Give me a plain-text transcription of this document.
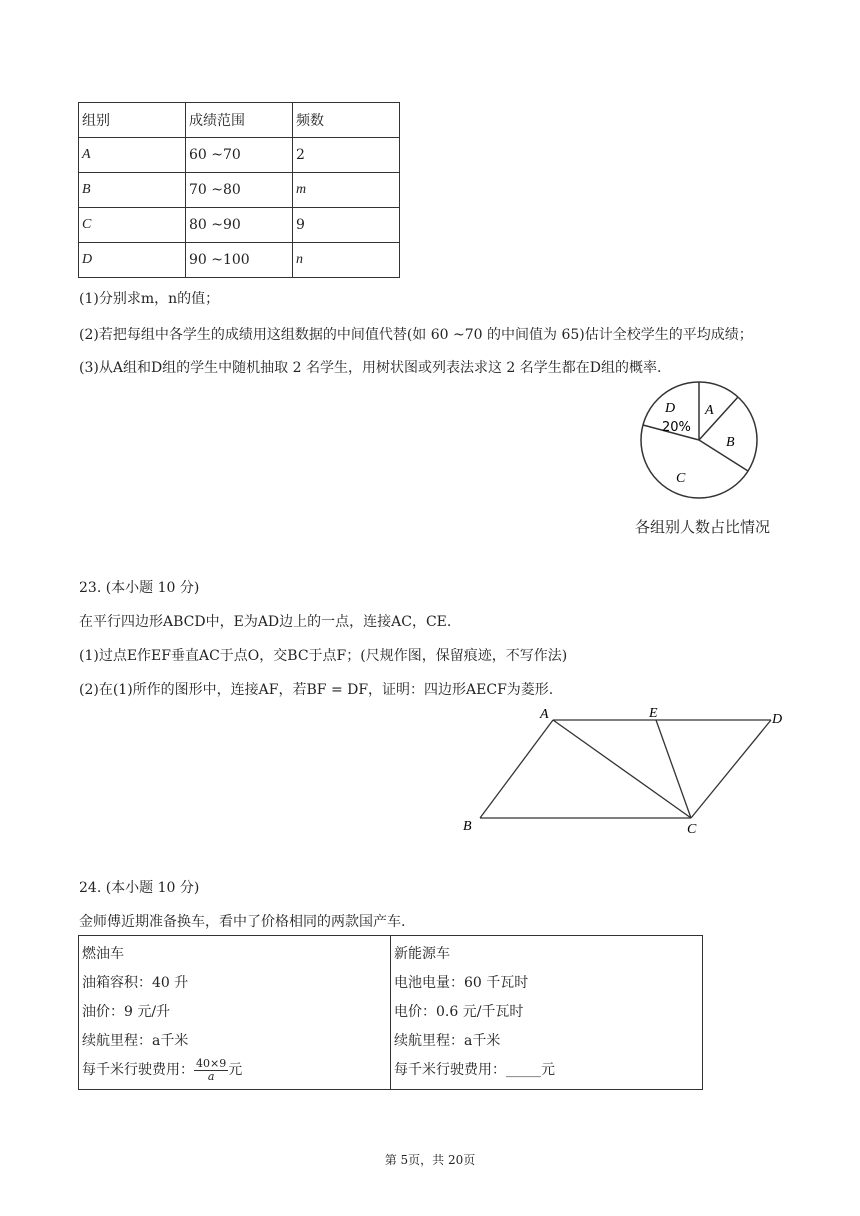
组别	成绩范围	频数
A	60 ~70	2
B	70 ~80	m
C	80 ~90	9
D	90 ~100	n
(1)分别求m，n的值；
(2)若把每组中各学生的成绩用这组数据的中间值代替(如 60 ~70 的中间值为 65)估计全校学生的平均成绩；
(3)从A组和D组的学生中随机抽取 2 名学生，用树状图或列表法求这 2 名学生都在D组的概率.
D
20%
A
B
C
各组别人数占比情况
23. (本小题 10 分)
在平行四边形ABCD中，E为AD边上的一点，连接AC，CE.
(1)过点E作EF垂直AC于点O，交BC于点F；(尺规作图，保留痕迹，不写作法)
(2)在(1)所作的图形中，连接AF，若BF = DF，证明：四边形AECF为菱形.
A	E	D
B	C
24. (本小题 10 分)
金师傅近期准备换车，看中了价格相同的两款国产车.
燃油车
油箱容积：40 升
油价：9 元/升
续航里程：a千米
每千米行驶费用： $\frac{40\times 9}{a}$ 元

新能源车
电池电量：60 千瓦时
电价：0.6 元/千瓦时
续航里程：a千米
每千米行驶费用：_____元
第 5页，共 20页
